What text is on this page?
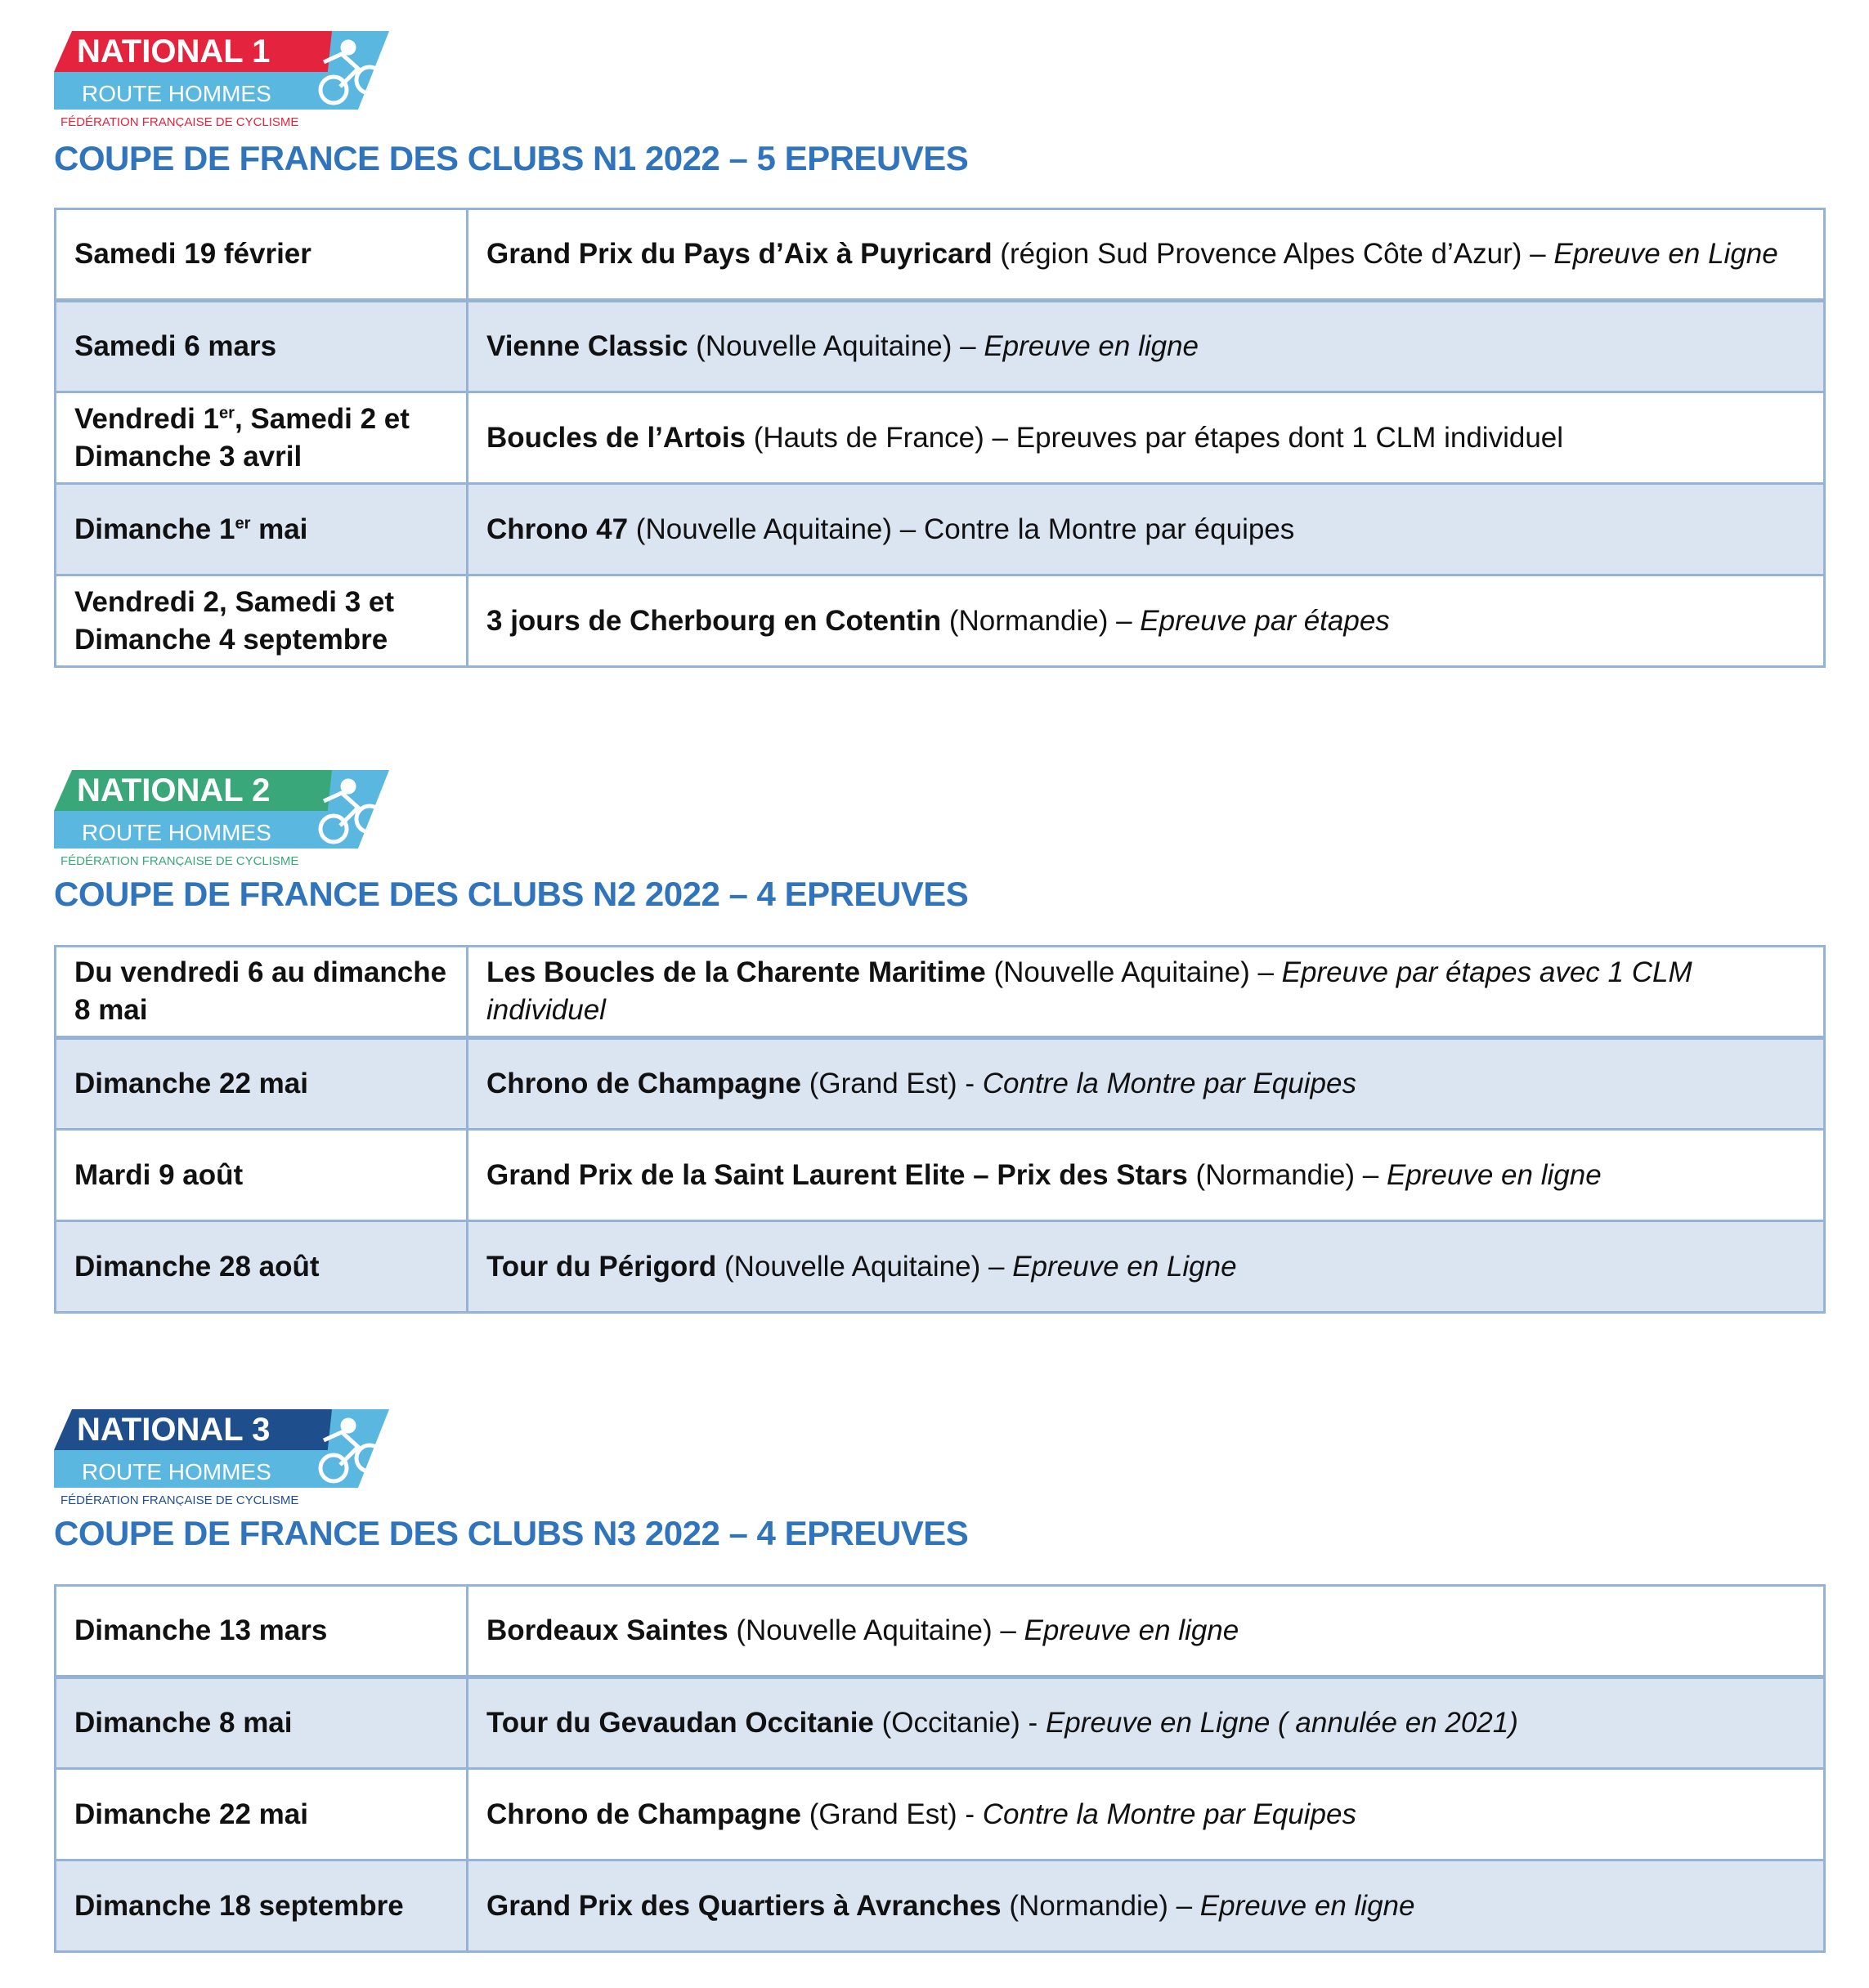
NATIONAL 1
ROUTE HOMMES
FÉDÉRATION FRANÇAISE DE CYCLISME
COUPE DE FRANCE DES CLUBS N1 2022 – 5 EPREUVES
Samedi 19 février	Grand Prix du Pays d’Aix à Puyricard (région Sud Provence Alpes Côte d’Azur) – Epreuve en Ligne
Samedi 6 mars	Vienne Classic (Nouvelle Aquitaine) – Epreuve en ligne
Vendredi 1er, Samedi 2 et Dimanche 3 avril	Boucles de l’Artois (Hauts de France) – Epreuves par étapes dont 1 CLM individuel
Dimanche 1er mai	Chrono 47 (Nouvelle Aquitaine) – Contre la Montre par équipes
Vendredi 2, Samedi 3 et Dimanche 4 septembre	3 jours de Cherbourg en Cotentin (Normandie) – Epreuve par étapes
NATIONAL 2
ROUTE HOMMES
FÉDÉRATION FRANÇAISE DE CYCLISME
COUPE DE FRANCE DES CLUBS N2 2022 – 4 EPREUVES
Du vendredi 6 au dimanche 8 mai	Les Boucles de la Charente Maritime (Nouvelle Aquitaine) – Epreuve par étapes avec 1 CLM individuel
Dimanche 22 mai	Chrono de Champagne (Grand Est) - Contre la Montre par Equipes
Mardi 9 août	Grand Prix de la Saint Laurent Elite – Prix des Stars (Normandie) – Epreuve en ligne
Dimanche 28 août	Tour du Périgord (Nouvelle Aquitaine) – Epreuve en Ligne
NATIONAL 3
ROUTE HOMMES
FÉDÉRATION FRANÇAISE DE CYCLISME
COUPE DE FRANCE DES CLUBS N3 2022 – 4 EPREUVES
Dimanche 13 mars	Bordeaux Saintes (Nouvelle Aquitaine) – Epreuve en ligne
Dimanche 8 mai	Tour du Gevaudan Occitanie (Occitanie) - Epreuve en Ligne ( annulée en 2021)
Dimanche 22 mai	Chrono de Champagne (Grand Est) - Contre la Montre par Equipes
Dimanche 18 septembre	Grand Prix des Quartiers à Avranches (Normandie) – Epreuve en ligne
